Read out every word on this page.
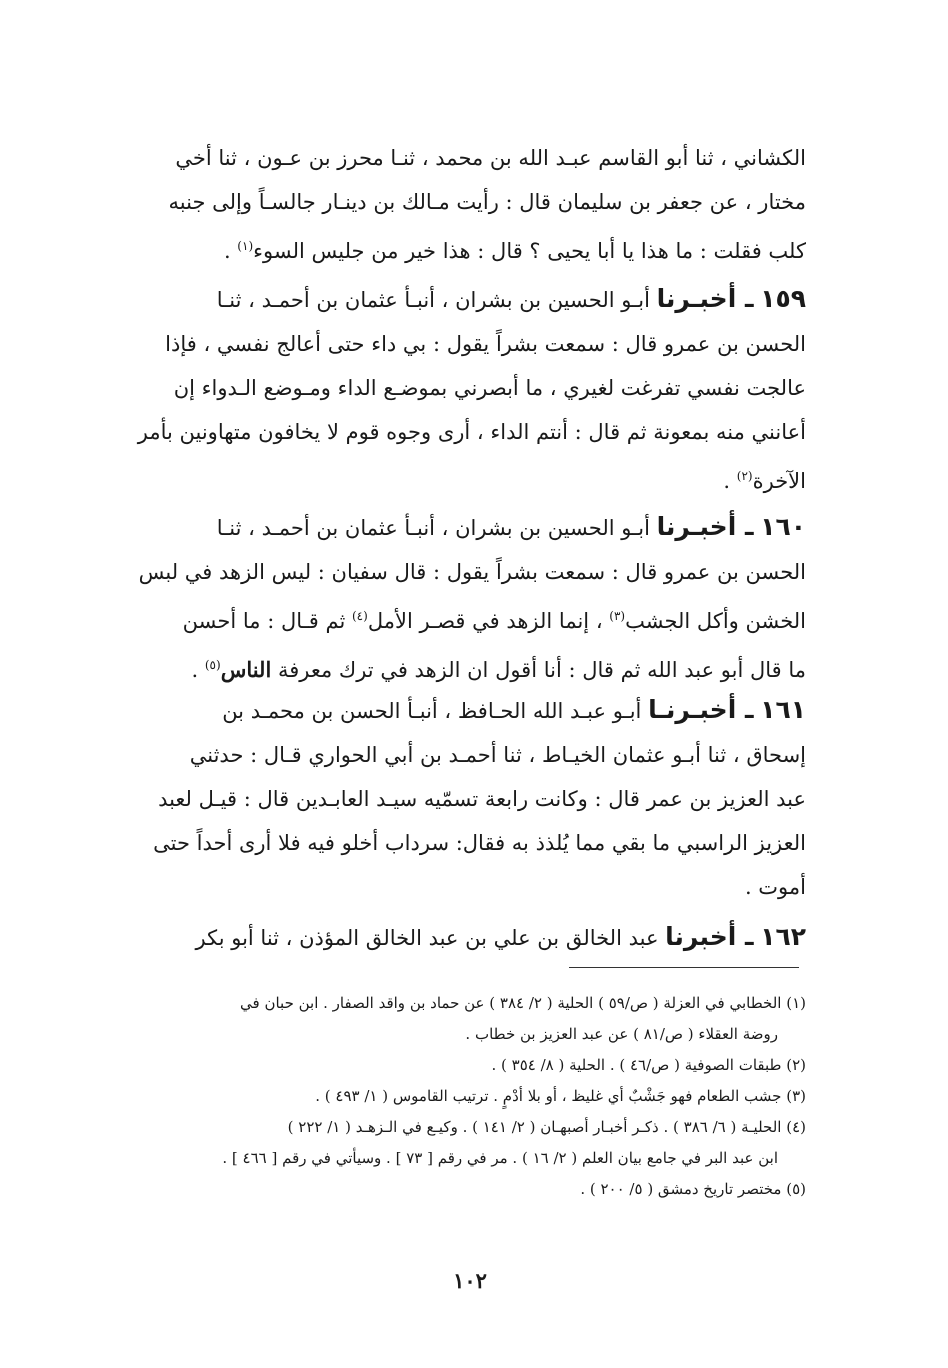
الكشاني ، ثنا أبو القاسم عبـد الله بن محمد ، ثنـا محرز بن عـون ، ثنا أخي
مختار ، عن جعفر بن سليمان قال : رأيت مـالك بن دينـار جالسـاً وإلى جنبه
كلب فقلت : ما هذا يا أبا يحيى ؟ قال : هذا خير من جليس السوء$^{(١)}$ .
١٥٩ ـ أخبـرنا أبـو الحسين بن بشران ، أنبـأ عثمان بن أحمـد ، ثنـا
الحسن بن عمرو قال : سمعت بشراً يقول : بي داء حتى أعالج نفسي ، فإذا
عالجت نفسي تفرغت لغيري ، ما أبصرني بموضـع الداء ومـوضع الـدواء إن
أعانني منه بمعونة ثم قال : أنتم الداء ، أرى وجوه قوم لا يخافون متهاونين بأمر
الآخرة$^{(٢)}$ .
١٦٠ ـ أخبـرنا أبـو الحسين بن بشران ، أنبـأ عثمان بن أحمـد ، ثنـا
الحسن بن عمرو قال : سمعت بشراً يقول : قال سفيان : ليس الزهد في لبس
الخشن وأكل الجشب$^{(٣)}$ ، إنما الزهد في قصـر الأمل$^{(٤)}$ ثم قـال : ما أحسن
ما قال أبو عبد الله ثم قال : أنا أقول ان الزهد في ترك معرفة الناس$^{(٥)}$ .
١٦١ ـ أخبـرنـا أبـو عبـد الله الحـافظ ، أنبـأ الحسن بن محمـد بن
إسحاق ، ثنا أبـو عثمان الخيـاط ، ثنا أحمـد بن أبي الحواري قـال : حدثني
عبد العزيز بن عمر قال : وكانت رابعة تسمّيه سيـد العابـدين قال : قيـل لعبد
العزيز الراسبي ما بقي مما يُلذذ به فقال: سرداب أخلو فيه فلا أرى أحداً حتى
أموت .
١٦٢ ـ أخبرنا عبد الخالق بن علي بن عبد الخالق المؤذن ، ثنا أبو بكر
(١) الخطابي في العزلة ( ص/٥٩ ) الحلية ( ٢/ ٣٨٤ ) عن حماد بن واقد الصفار . ابن حبان في
روضة العقلاء ( ص/٨١ ) عن عبد العزيز بن خطاب .
(٢) طبقات الصوفية ( ص/٤٦ ) . الحلية ( ٨/ ٣٥٤ ) .
(٣) جشب الطعام فهو جَشْبٌ أي غليظ ، أو بلا أدْمٍ . ترتيب القاموس ( ١/ ٤٩٣ ) .
(٤) الحليـة ( ٦/ ٣٨٦ ) . ذكـر أخبـار أصبهـان ( ٢/ ١٤١ ) . وكيـع في الـزهـد ( ١/ ٢٢٢ )
ابن عبد البر في جامع بيان العلم ( ٢/ ١٦ ) . مر في رقم [ ٧٣ ] . وسيأتي في رقم [ ٤٦٦ ] .
(٥) مختصر تاريخ دمشق ( ٥/ ٢٠٠ ) .
١٠٢
